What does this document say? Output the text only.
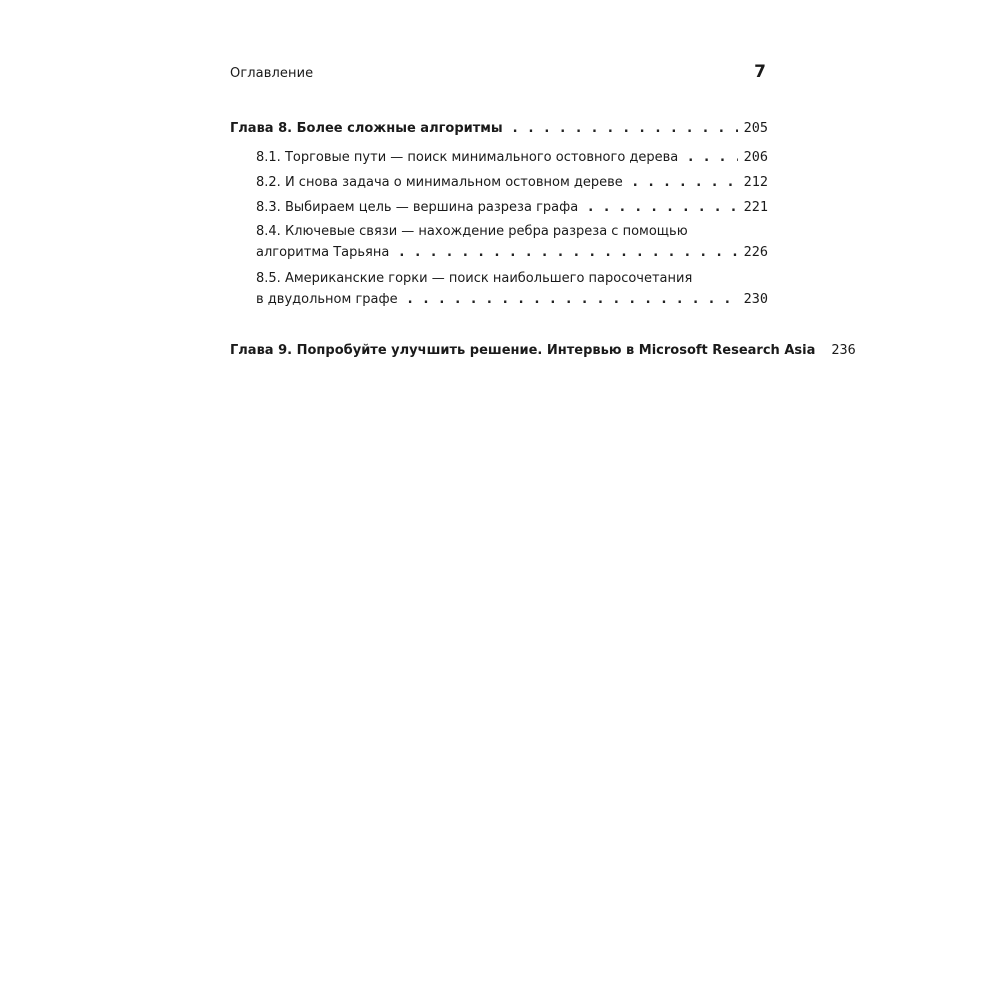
Оглавление	7
Глава 8. Более сложные алгоритмы . . .	205
8.1. Торговые пути — поиск минимального остовного дерева . . .	206
8.2. И снова задача о минимальном остовном дереве . . .	212
8.3. Выбираем цель — вершина разреза графа . . .	221
8.4. Ключевые связи — нахождение ребра разреза с помощью
алгоритма Тарьяна . . .	226
8.5. Американские горки — поиск наибольшего паросочетания
в двудольном графе . . .	230
Глава 9. Попробуйте улучшить решение. Интервью в Microsoft Research Asia 236
